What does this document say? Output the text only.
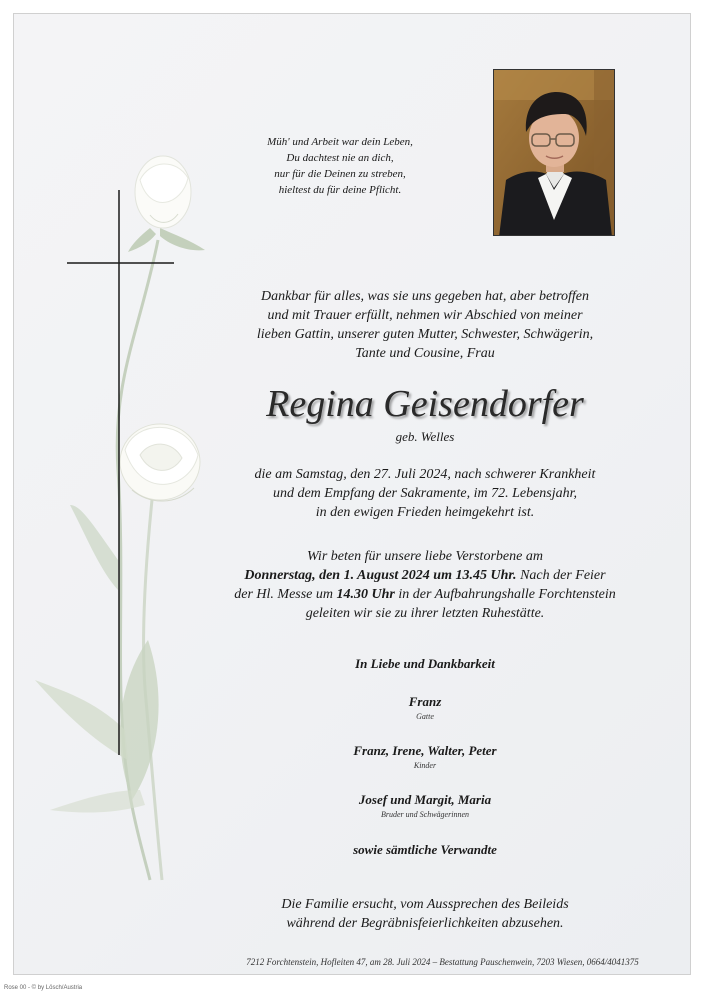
Müh' und Arbeit war dein Leben,
Du dachtest nie an dich,
nur für die Deinen zu streben,
hieltest du für deine Pflicht.
Dankbar für alles, was sie uns gegeben hat, aber betroffen
und mit Trauer erfüllt, nehmen wir Abschied von meiner
lieben Gattin, unserer guten Mutter, Schwester, Schwägerin,
Tante und Cousine, Frau
Regina Geisendorfer
geb. Welles
die am Samstag, den 27. Juli 2024, nach schwerer Krankheit
und dem Empfang der Sakramente, im 72. Lebensjahr,
in den ewigen Frieden heimgekehrt ist.
Wir beten für unsere liebe Verstorbene am
Donnerstag, den 1. August 2024 um 13.45 Uhr. Nach der Feier
der Hl. Messe um 14.30 Uhr in der Aufbahrungshalle Forchtenstein
geleiten wir sie zu ihrer letzten Ruhestätte.
In Liebe und Dankbarkeit
Franz
Gatte
Franz, Irene, Walter, Peter
Kinder
Josef und Margit, Maria
Bruder und Schwägerinnen
sowie sämtliche Verwandte
Die Familie ersucht, vom Aussprechen des Beileids
während der Begräbnisfeierlichkeiten abzusehen.
7212 Forchtenstein, Hofleiten 47, am 28. Juli 2024 – Bestattung Pauschenwein, 7203 Wiesen, 0664/4041375
Rose 00 - © by Lösch/Austria
